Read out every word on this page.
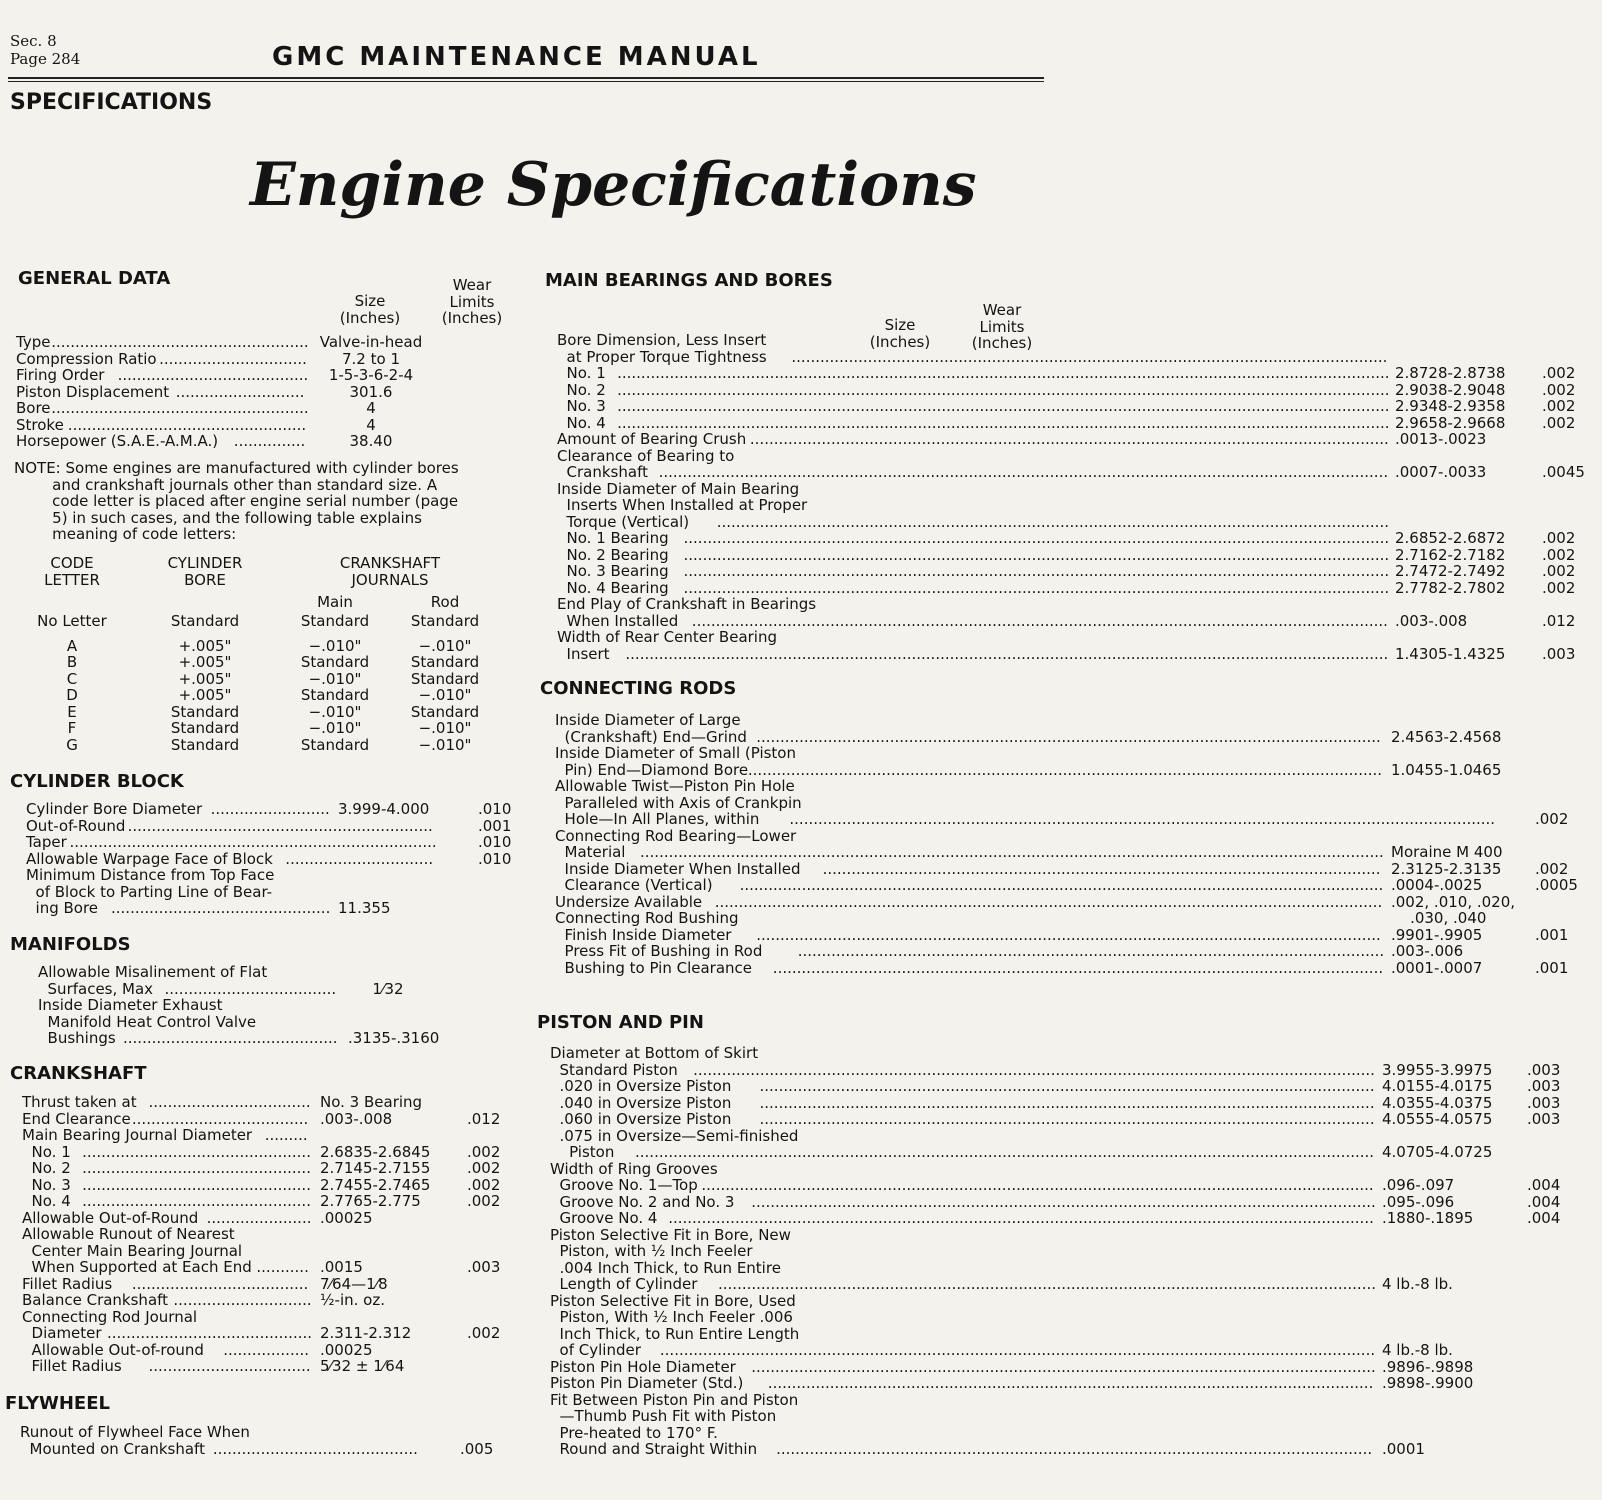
Sec. 8
Page 284	GMC MAINTENANCE MANUAL
SPECIFICATIONS
Engine Specifications
GENERAL DATA
Size
(Inches)
Wear
Limits
(Inches)
Type ...................................................... Valve-in-head
Compression Ratio ...............................	7.2 to 1
Firing Order ........................................	1-5-3-6-2-4
Piston Displacement ...........................	301.6
Bore ......................................................	4
Stroke ..................................................	4
Horsepower (S.A.E.-A.M.A.) ...............	38.40
NOTE: Some engines are manufactured with cylinder bores
and crankshaft journals other than standard size. A
code letter is placed after engine serial number (page
5) in such cases, and the following table explains
meaning of code letters:
CODE
LETTER
CYLINDER
BORE
CRANKSHAFT
JOURNALS
Main	Rod
No Letter	Standard	Standard	Standard
A	+.005"	−.010"	−.010"
B	+.005"	Standard	Standard
C	+.005"	−.010"	Standard
D	+.005"	Standard	−.010"
E	Standard	−.010"	Standard
F	Standard	−.010"	−.010"
G	Standard	Standard	−.010"
CYLINDER BLOCK
Cylinder Bore Diameter ......................... 3.999-4.000	.010
Out-of-Round ................................................................	.001
Taper .............................................................................	.010
Allowable Warpage Face of Block ...............................	.010
Minimum Distance from Top Face
of Block to Parting Line of Bear-
ing Bore .............................................. 11.355
MANIFOLDS
Allowable Misalinement of Flat
Surfaces, Max ....................................	1⁄32
Inside Diameter Exhaust
Manifold Heat Control Valve
Bushings ............................................. .3135-.3160
CRANKSHAFT
Thrust taken at .................................. No. 3 Bearing
End Clearance ..................................... .003-.008	.012
Main Bearing Journal Diameter .........
No. 1 ................................................ 2.6835-2.6845 .002
No. 2 ................................................ 2.7145-2.7155 .002
No. 3 ................................................ 2.7455-2.7465 .002
No. 4 ................................................ 2.7765-2.775	.002
Allowable Out-of-Round ...................... .00025
Allowable Runout of Nearest
Center Main Bearing Journal
When Supported at Each End ........... .0015	.003
Fillet Radius ..................................... 7⁄64—1⁄8
Balance Crankshaft ............................. ½-in. oz.
Connecting Rod Journal
Diameter ........................................... 2.311-2.312	.002
Allowable Out-of-round .................. .00025
Fillet Radius .................................. 5⁄32 ± 1⁄64
FLYWHEEL
Runout of Flywheel Face When
Mounted on Crankshaft ...........................................	.005
MAIN BEARINGS AND BORES
Size
(Inches)
Wear
Limits
(Inches)
Bore Dimension, Less Insert
at Proper Torque Tightness .............................................................................................................................
No. 1 .................................................................................................................................................................. 2.8728-2.8738 .002
No. 2 .................................................................................................................................................................. 2.9038-2.9048 .002
No. 3 .................................................................................................................................................................. 2.9348-2.9358 .002
No. 4 .................................................................................................................................................................. 2.9658-2.9668 .002
Amount of Bearing Crush ...................................................................................................................................... .0013-.0023
Clearance of Bearing to
Crankshaft ......................................................................................................................................................... .0007-.0033	.0045
Inside Diameter of Main Bearing
Inserts When Installed at Proper
Torque (Vertical)	.............................................................................................................................................
No. 1 Bearing .................................................................................................................................................... 2.6852-2.6872 .002
No. 2 Bearing .................................................................................................................................................... 2.7162-2.7182 .002
No. 3 Bearing .................................................................................................................................................... 2.7472-2.7492 .002
No. 4 Bearing .................................................................................................................................................... 2.7782-2.7802 .002
End Play of Crankshaft in Bearings
When Installed .................................................................................................................................................. .003-.008	.012
Width of Rear Center Bearing
Insert	................................................................................................................................................................ 1.4305-1.4325 .003
CONNECTING RODS
Inside Diameter of Large
(Crankshaft) End—Grind ................................................................................................................................... 2.4563-2.4568
Inside Diameter of Small (Piston
Pin) End—Diamond Bore ..................................................................................................................................... 1.0455-1.0465
Allowable Twist—Piston Pin Hole
Paralleled with Axis of Crankpin
Hole—In All Planes, within	....................................................................................................................................................	.002
Connecting Rod Bearing—Lower
Material ............................................................................................................................................................ Moraine M 400
Inside Diameter When Installed ..................................................................................................................... 2.3125-2.3135 .002
Clearance (Vertical) ....................................................................................................................................... .0004-.0025	.0005
Undersize Available ............................................................................................................................................ .002, .010, .020,
.030, .040
Connecting Rod Bushing
Finish Inside Diameter	................................................................................................................................... .9901-.9905	.001
Press Fit of Bushing in Rod ........................................................................................................................... .003-.006
Bushing to Pin Clearance ................................................................................................................................ .0001-.0007	.001
PISTON AND PIN
Diameter at Bottom of Skirt
Standard Piston	............................................................................................................................................... 3.9955-3.9975 .003
.020 in Oversize Piston ................................................................................................................................. 4.0155-4.0175 .003
.040 in Oversize Piston ................................................................................................................................. 4.0355-4.0375 .003
.060 in Oversize Piston ................................................................................................................................. 4.0555-4.0575 .003
.075 in Oversize—Semi-finished
Piston	........................................................................................................................................................... 4.0705-4.0725
Width of Ring Grooves
Groove No. 1—Top ............................................................................................................................................. .096-.097	.004
Groove No. 2 and No. 3 ................................................................................................................................... .095-.096	.004
Groove No. 4 .................................................................................................................................................... .1880-.1895	.004
Piston Selective Fit in Bore, New
Piston, with ½ Inch Feeler
.004 Inch Thick, to Run Entire
Length of Cylinder	.......................................................................................................................................... 4 lb.-8 lb.
Piston Selective Fit in Bore, Used
Piston, With ½ Inch Feeler .006
Inch Thick, to Run Entire Length
of Cylinder	...................................................................................................................................................... 4 lb.-8 lb.
Piston Pin Hole Diameter ................................................................................................................................... .9896-.9898
Piston Pin Diameter (Std.) ............................................................................................................................... .9898-.9900
Fit Between Piston Pin and Piston
—Thumb Push Fit with Piston
Pre-heated to 170° F.
Round and Straight Within	............................................................................................................................. .0001
